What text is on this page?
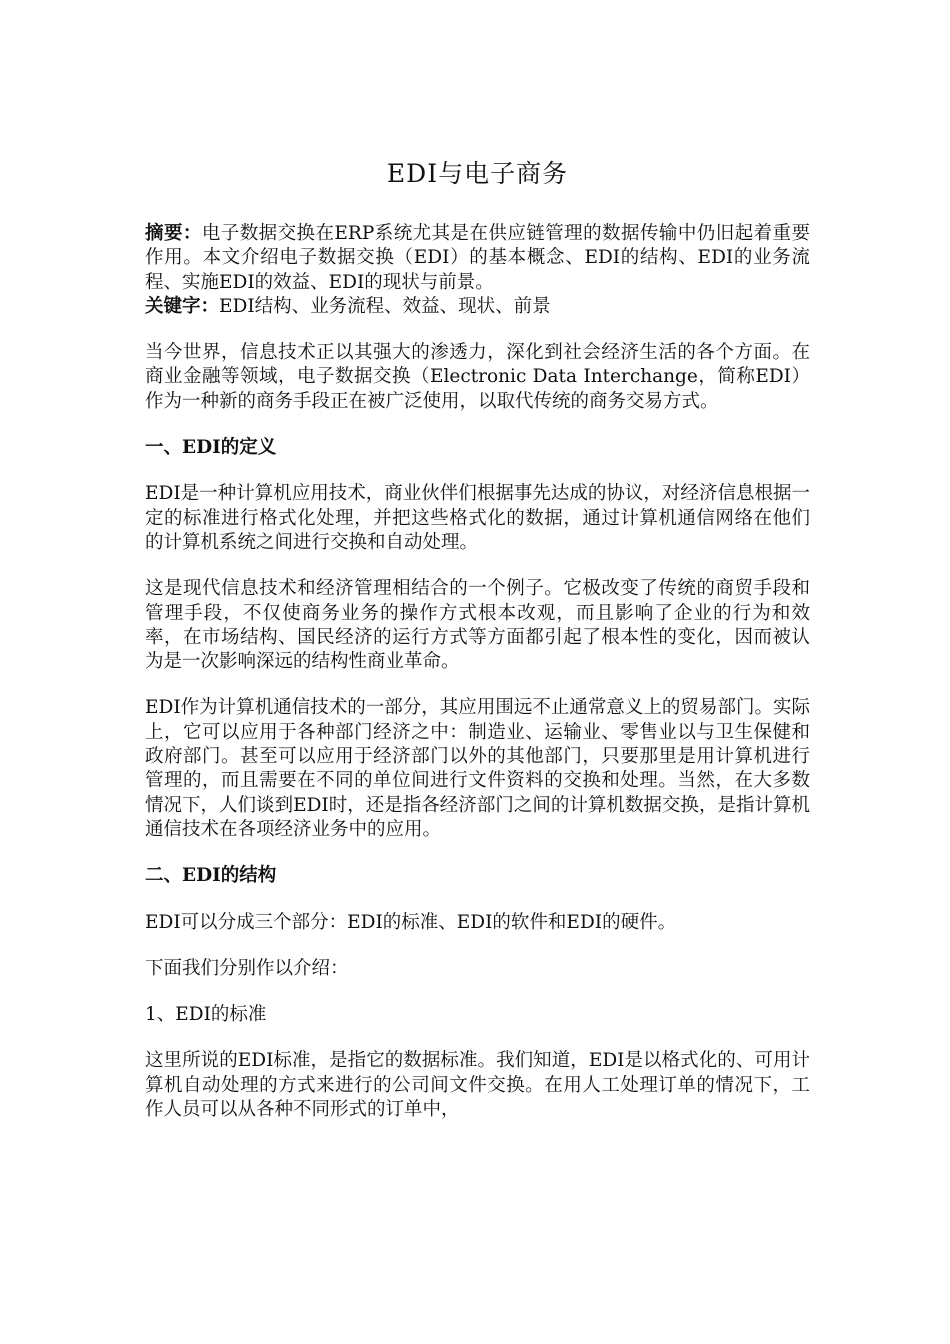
EDI与电子商务

摘要：电子数据交换在ERP系统尤其是在供应链管理的数据传输中仍旧起着重要作用。本文介绍电子数据交换（EDI）的基本概念、EDI的结构、EDI的业务流程、实施EDI的效益、EDI的现状与前景。

关键字：EDI结构、业务流程、效益、现状、前景

当今世界，信息技术正以其强大的渗透力，深化到社会经济生活的各个方面。在商业金融等领域，电子数据交换（Electronic Data Interchange，简称EDI）作为一种新的商务手段正在被广泛使用，以取代传统的商务交易方式。

一、EDI的定义

EDI是一种计算机应用技术，商业伙伴们根据事先达成的协议，对经济信息根据一定的标准进行格式化处理，并把这些格式化的数据，通过计算机通信网络在他们的计算机系统之间进行交换和自动处理。

这是现代信息技术和经济管理相结合的一个例子。它极改变了传统的商贸手段和管理手段，不仅使商务业务的操作方式根本改观，而且影响了企业的行为和效率，在市场结构、国民经济的运行方式等方面都引起了根本性的变化，因而被认为是一次影响深远的结构性商业革命。

EDI作为计算机通信技术的一部分，其应用围远不止通常意义上的贸易部门。实际上，它可以应用于各种部门经济之中：制造业、运输业、零售业以与卫生保健和政府部门。甚至可以应用于经济部门以外的其他部门，只要那里是用计算机进行管理的，而且需要在不同的单位间进行文件资料的交换和处理。当然，在大多数情况下，人们谈到EDI时，还是指各经济部门之间的计算机数据交换，是指计算机通信技术在各项经济业务中的应用。

二、EDI的结构

EDI可以分成三个部分：EDI的标准、EDI的软件和EDI的硬件。

下面我们分别作以介绍：

1、EDI的标准

这里所说的EDI标准，是指它的数据标准。我们知道，EDI是以格式化的、可用计算机自动处理的方式来进行的公司间文件交换。在用人工处理订单的情况下，工作人员可以从各种不同形式的订单中，
